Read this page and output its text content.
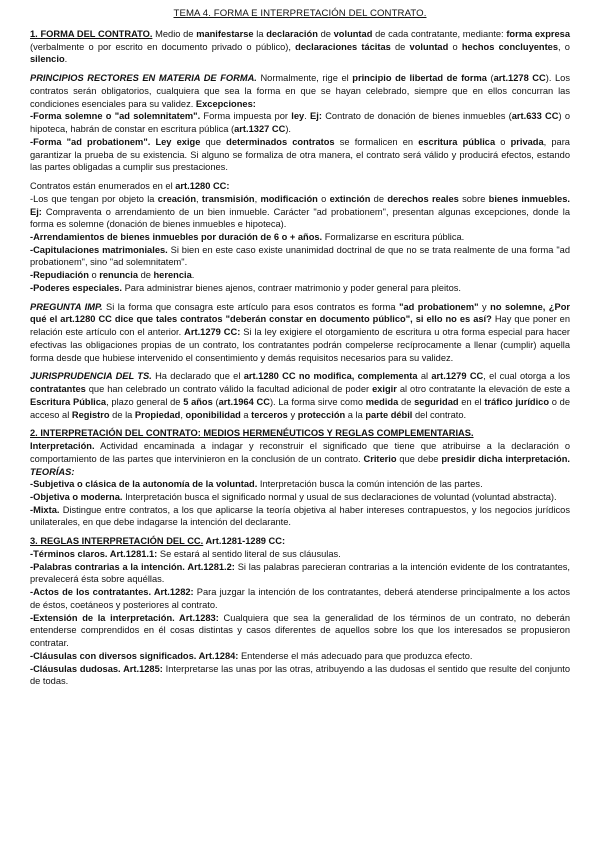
TEMA 4. FORMA E INTERPRETACIÓN DEL CONTRATO.

1. FORMA DEL CONTRATO. Medio de manifestarse la declaración de voluntad de cada contratante, mediante: forma expresa (verbalmente o por escrito en documento privado o público), declaraciones tácitas de voluntad o hechos concluyentes, o silencio.

PRINCIPIOS RECTORES EN MATERIA DE FORMA. Normalmente, rige el principio de libertad de forma (art.1278 CC). Los contratos serán obligatorios, cualquiera que sea la forma en que se hayan celebrado, siempre que en ellos concurran las condiciones esenciales para su validez. Excepciones:

-Forma solemne o "ad solemnitatem". Forma impuesta por ley. Ej: Contrato de donación de bienes inmuebles (art.633 CC) o hipoteca, habrán de constar en escritura pública (art.1327 CC).

-Forma "ad probationem". Ley exige que determinados contratos se formalicen en escritura pública o privada, para garantizar la prueba de su existencia. Si alguno se formaliza de otra manera, el contrato será válido y producirá efectos, estando las partes obligadas a cumplir sus prestaciones.

Contratos están enumerados en el art.1280 CC:

-Los que tengan por objeto la creación, transmisión, modificación o extinción de derechos reales sobre bienes inmuebles. Ej: Compraventa o arrendamiento de un bien inmueble. Carácter "ad probationem", presentan algunas excepciones, donde la forma es solemne (donación de bienes inmuebles e hipoteca).

-Arrendamientos de bienes inmuebles por duración de 6 o + años. Formalizarse en escritura pública.

-Capitulaciones matrimoniales. Si bien en este caso existe unanimidad doctrinal de que no se trata realmente de una forma "ad probationem", sino "ad solemnitatem".

-Repudiación o renuncia de herencia.

-Poderes especiales. Para administrar bienes ajenos, contraer matrimonio y poder general para pleitos.

PREGUNTA IMP. Si la forma que consagra este artículo para esos contratos es forma "ad probationem" y no solemne, ¿Por qué el art.1280 CC dice que tales contratos "deberán constar en documento público", si ello no es así? Hay que poner en relación este artículo con el anterior. Art.1279 CC: Si la ley exigiere el otorgamiento de escritura u otra forma especial para hacer efectivas las obligaciones propias de un contrato, los contratantes podrán compelerse recíprocamente a llenar (cumplir) aquella forma desde que hubiese intervenido el consentimiento y demás requisitos necesarios para su validez.

JURISPRUDENCIA DEL TS. Ha declarado que el art.1280 CC no modifica, complementa al art.1279 CC, el cual otorga a los contratantes que han celebrado un contrato válido la facultad adicional de poder exigir al otro contratante la elevación de este a Escritura Pública, plazo general de 5 años (art.1964 CC). La forma sirve como medida de seguridad en el tráfico jurídico o de acceso al Registro de la Propiedad, oponibilidad a terceros y protección a la parte débil del contrato.

2. INTERPRETACIÓN DEL CONTRATO: MEDIOS HERMENÉUTICOS Y REGLAS COMPLEMENTARIAS.
Interpretación. Actividad encaminada a indagar y reconstruir el significado que tiene que atribuirse a la declaración o comportamiento de las partes que intervinieron en la conclusión de un contrato. Criterio que debe presidir dicha interpretación. TEORÍAS:

-Subjetiva o clásica de la autonomía de la voluntad. Interpretación busca la común intención de las partes.

-Objetiva o moderna. Interpretación busca el significado normal y usual de sus declaraciones de voluntad (voluntad abstracta).

-Mixta. Distingue entre contratos, a los que aplicarse la teoría objetiva al haber intereses contrapuestos, y los negocios jurídicos unilaterales, en que debe indagarse la intención del declarante.

3. REGLAS INTERPRETACIÓN DEL CC. Art.1281-1289 CC:

-Términos claros. Art.1281.1: Se estará al sentido literal de sus cláusulas.

-Palabras contrarias a la intención. Art.1281.2: Si las palabras parecieran contrarias a la intención evidente de los contratantes, prevalecerá ésta sobre aquéllas.

-Actos de los contratantes. Art.1282: Para juzgar la intención de los contratantes, deberá atenderse principalmente a los actos de éstos, coetáneos y posteriores al contrato.

-Extensión de la interpretación. Art.1283: Cualquiera que sea la generalidad de los términos de un contrato, no deberán entenderse comprendidos en él cosas distintas y casos diferentes de aquellos sobre los que los interesados se propusieron contratar.

-Cláusulas con diversos significados. Art.1284: Entenderse el más adecuado para que produzca efecto.

-Cláusulas dudosas. Art.1285: Interpretarse las unas por las otras, atribuyendo a las dudosas el sentido que resulte del conjunto de todas.
